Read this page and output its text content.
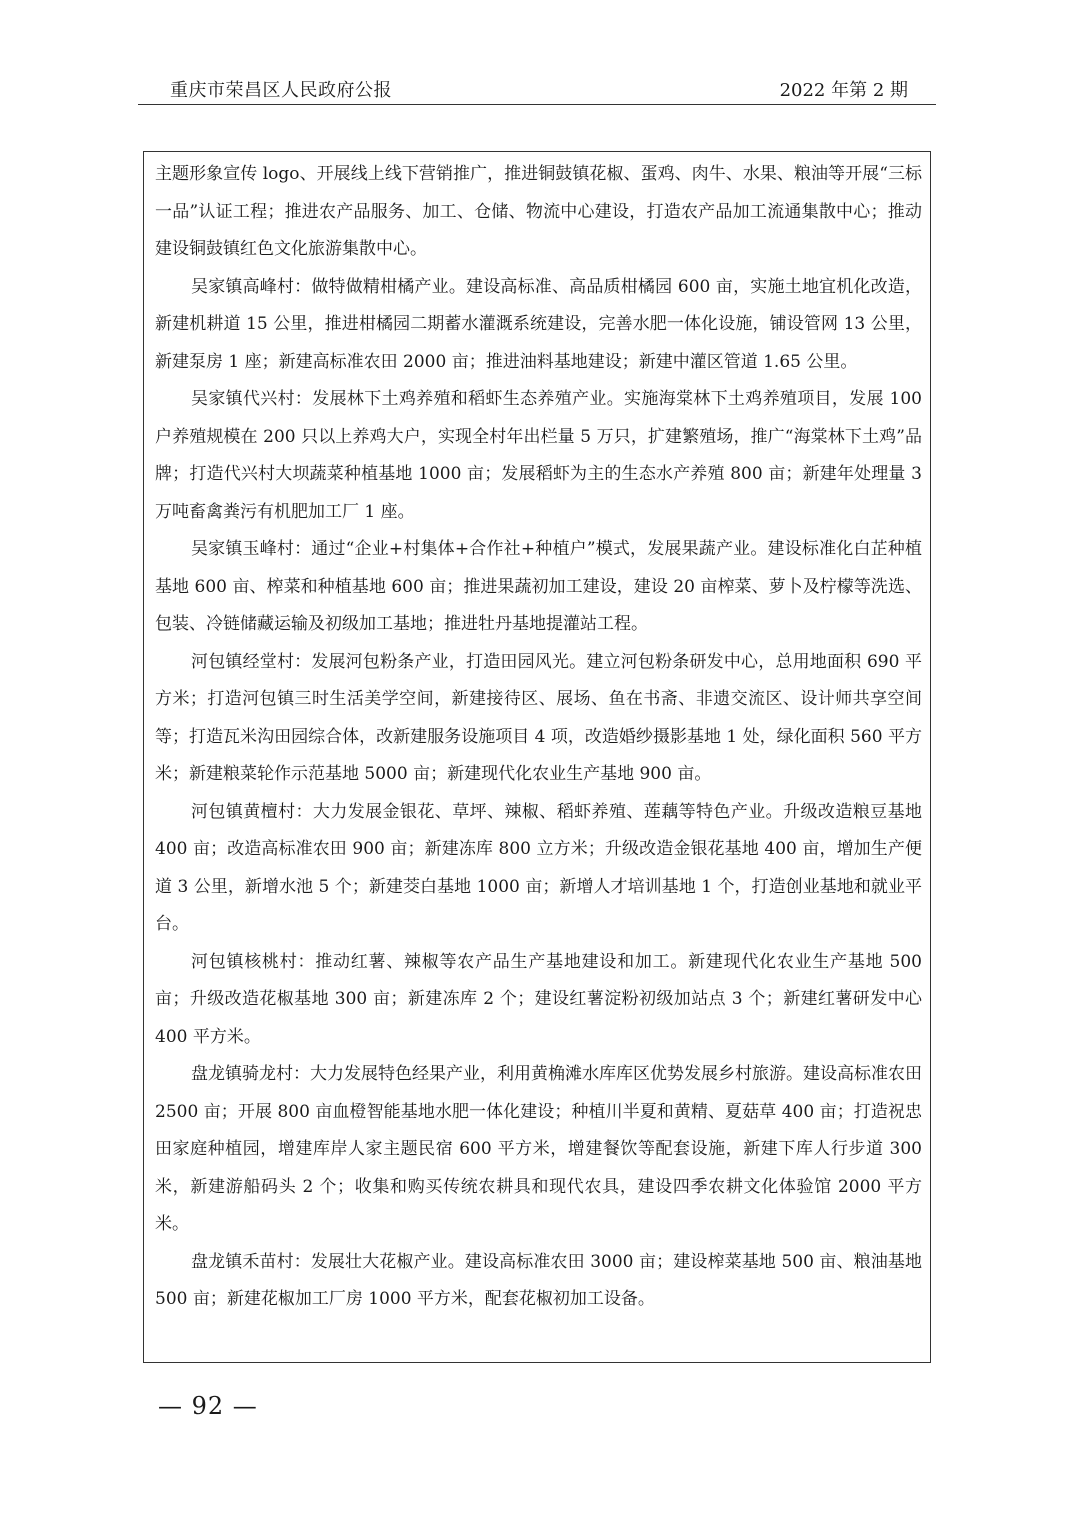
重庆市荣昌区人民政府公报	2022 年第 2 期

主题形象宣传 logo、开展线上线下营销推广，推进铜鼓镇花椒、蛋鸡、肉牛、水果、粮油等开展“三标一品”认证工程；推进农产品服务、加工、仓储、物流中心建设，打造农产品加工流通集散中心；推动建设铜鼓镇红色文化旅游集散中心。

吴家镇高峰村：做特做精柑橘产业。建设高标准、高品质柑橘园 600 亩，实施土地宜机化改造，新建机耕道 15 公里，推进柑橘园二期蓄水灌溉系统建设，完善水肥一体化设施，铺设管网 13 公里，新建泵房 1 座；新建高标准农田 2000 亩；推进油料基地建设；新建中灌区管道 1.65 公里。

吴家镇代兴村：发展林下土鸡养殖和稻虾生态养殖产业。实施海棠林下土鸡养殖项目，发展 100 户养殖规模在 200 只以上养鸡大户，实现全村年出栏量 5 万只，扩建繁殖场，推广“海棠林下土鸡”品牌；打造代兴村大坝蔬菜种植基地 1000 亩；发展稻虾为主的生态水产养殖 800 亩；新建年处理量 3 万吨畜禽粪污有机肥加工厂 1 座。

吴家镇玉峰村：通过“企业+村集体+合作社+种植户”模式，发展果蔬产业。建设标准化白芷种植基地 600 亩、榨菜和种植基地 600 亩；推进果蔬初加工建设，建设 20 亩榨菜、萝卜及柠檬等洗选、包装、冷链储藏运输及初级加工基地；推进牡丹基地提灌站工程。

河包镇经堂村：发展河包粉条产业，打造田园风光。建立河包粉条研发中心，总用地面积 690 平方米；打造河包镇三时生活美学空间，新建接待区、展场、鱼在书斋、非遗交流区、设计师共享空间等；打造瓦米沟田园综合体，改新建服务设施项目 4 项，改造婚纱摄影基地 1 处，绿化面积 560 平方米；新建粮菜轮作示范基地 5000 亩；新建现代化农业生产基地 900 亩。

河包镇黄檀村：大力发展金银花、草坪、辣椒、稻虾养殖、莲藕等特色产业。升级改造粮豆基地 400 亩；改造高标准农田 900 亩；新建冻库 800 立方米；升级改造金银花基地 400 亩，增加生产便道 3 公里，新增水池 5 个；新建茭白基地 1000 亩；新增人才培训基地 1 个，打造创业基地和就业平台。

河包镇核桃村：推动红薯、辣椒等农产品生产基地建设和加工。新建现代化农业生产基地 500 亩；升级改造花椒基地 300 亩；新建冻库 2 个；建设红薯淀粉初级加站点 3 个；新建红薯研发中心 400 平方米。

盘龙镇骑龙村：大力发展特色经果产业，利用黄桷滩水库库区优势发展乡村旅游。建设高标准农田 2500 亩；开展 800 亩血橙智能基地水肥一体化建设；种植川半夏和黄精、夏菇草 400 亩；打造祝忠田家庭种植园，增建库岸人家主题民宿 600 平方米，增建餐饮等配套设施，新建下库人行步道 300 米，新建游船码头 2 个；收集和购买传统农耕具和现代农具，建设四季农耕文化体验馆 2000 平方米。

盘龙镇禾苗村：发展壮大花椒产业。建设高标准农田 3000 亩；建设榨菜基地 500 亩、粮油基地 500 亩；新建花椒加工厂房 1000 平方米，配套花椒初加工设备。

— 92 —
